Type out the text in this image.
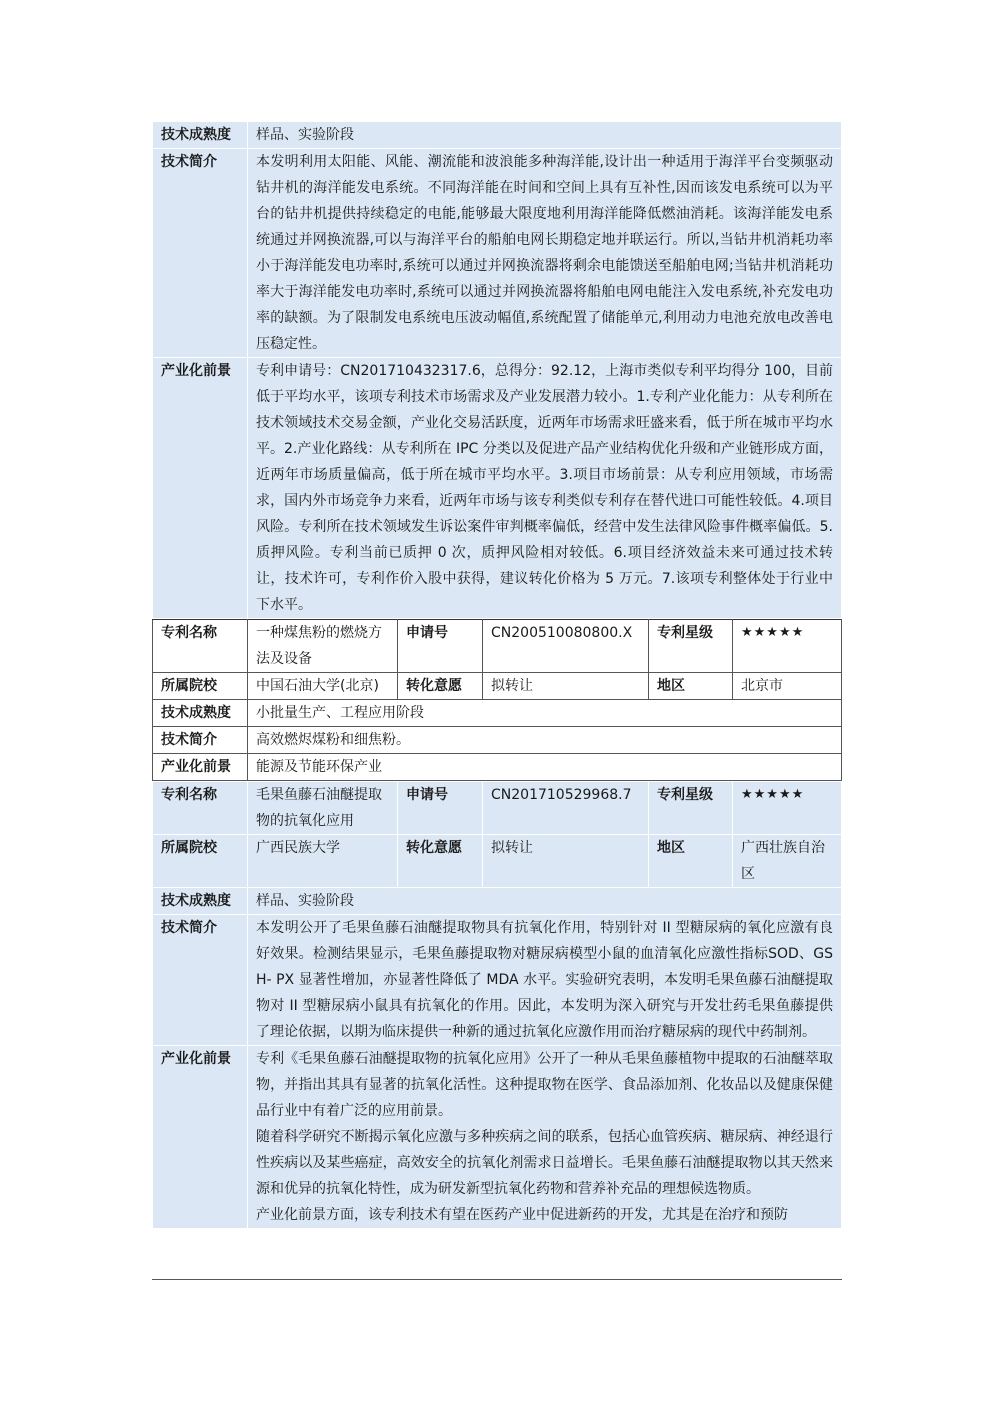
技术成熟度	样品、实验阶段
技术简介	本发明利用太阳能、风能、潮流能和波浪能多种海洋能,设计出一种适用于海洋平台变频驱动钻井机的海洋能发电系统。不同海洋能在时间和空间上具有互补性,因而该发电系统可以为平台的钻井机提供持续稳定的电能,能够最大限度地利用海洋能降低燃油消耗。该海洋能发电系统通过并网换流器,可以与海洋平台的船舶电网长期稳定地并联运行。所以,当钻井机消耗功率小于海洋能发电功率时,系统可以通过并网换流器将剩余电能馈送至船舶电网;当钻井机消耗功率大于海洋能发电功率时,系统可以通过并网换流器将船舶电网电能注入发电系统,补充发电功率的缺额。为了限制发电系统电压波动幅值,系统配置了储能单元,利用动力电池充放电改善电压稳定性。
产业化前景	专利申请号：CN201710432317.6，总得分：92.12，上海市类似专利平均得分 100，目前低于平均水平，该项专利技术市场需求及产业发展潜力较小。1.专利产业化能力：从专利所在技术领域技术交易金额，产业化交易活跃度，近两年市场需求旺盛来看，低于所在城市平均水平。2.产业化路线：从专利所在 IPC 分类以及促进产品产业结构优化升级和产业链形成方面，近两年市场质量偏高，低于所在城市平均水平。3.项目市场前景：从专利应用领域，市场需求，国内外市场竞争力来看，近两年市场与该专利类似专利存在替代进口可能性较低。4.项目风险。专利所在技术领域发生诉讼案件审判概率偏低，经营中发生法律风险事件概率偏低。5.质押风险。专利当前已质押 0 次，质押风险相对较低。6.项目经济效益未来可通过技术转让，技术许可，专利作价入股中获得，建议转化价格为 5 万元。7.该项专利整体处于行业中下水平。
专利名称	一种煤焦粉的燃烧方法及设备	申请号	CN200510080800.X	专利星级	★★★★★
所属院校	中国石油大学(北京)	转化意愿	拟转让	地区	北京市
技术成熟度	小批量生产、工程应用阶段				
技术简介	高效燃烬煤粉和细焦粉。				
产业化前景	能源及节能环保产业				
专利名称	毛果鱼藤石油醚提取物的抗氧化应用	申请号	CN201710529968.7	专利星级	★★★★★
所属院校	广西民族大学	转化意愿	拟转让	地区	广西壮族自治区
技术成熟度	样品、实验阶段				
技术简介	本发明公开了毛果鱼藤石油醚提取物具有抗氧化作用，特别针对 II 型糖尿病的氧化应激有良好效果。检测结果显示，毛果鱼藤提取物对糖尿病模型小鼠的血清氧化应激性指标SOD、GSH- PX 显著性增加，亦显著性降低了 MDA 水平。实验研究表明，本发明毛果鱼藤石油醚提取物对 II 型糖尿病小鼠具有抗氧化的作用。因此，本发明为深入研究与开发壮药毛果鱼藤提供了理论依据，以期为临床提供一种新的通过抗氧化应激作用而治疗糖尿病的现代中药制剂。				
产业化前景	专利《毛果鱼藤石油醚提取物的抗氧化应用》公开了一种从毛果鱼藤植物中提取的石油醚萃取物，并指出其具有显著的抗氧化活性。这种提取物在医学、食品添加剂、化妆品以及健康保健品行业中有着广泛的应用前景。

随着科学研究不断揭示氧化应激与多种疾病之间的联系，包括心血管疾病、糖尿病、神经退行性疾病以及某些癌症，高效安全的抗氧化剂需求日益增长。毛果鱼藤石油醚提取物以其天然来源和优异的抗氧化特性，成为研发新型抗氧化药物和营养补充品的理想候选物质。

产业化前景方面，该专利技术有望在医药产业中促进新药的开发，尤其是在治疗和预防				
